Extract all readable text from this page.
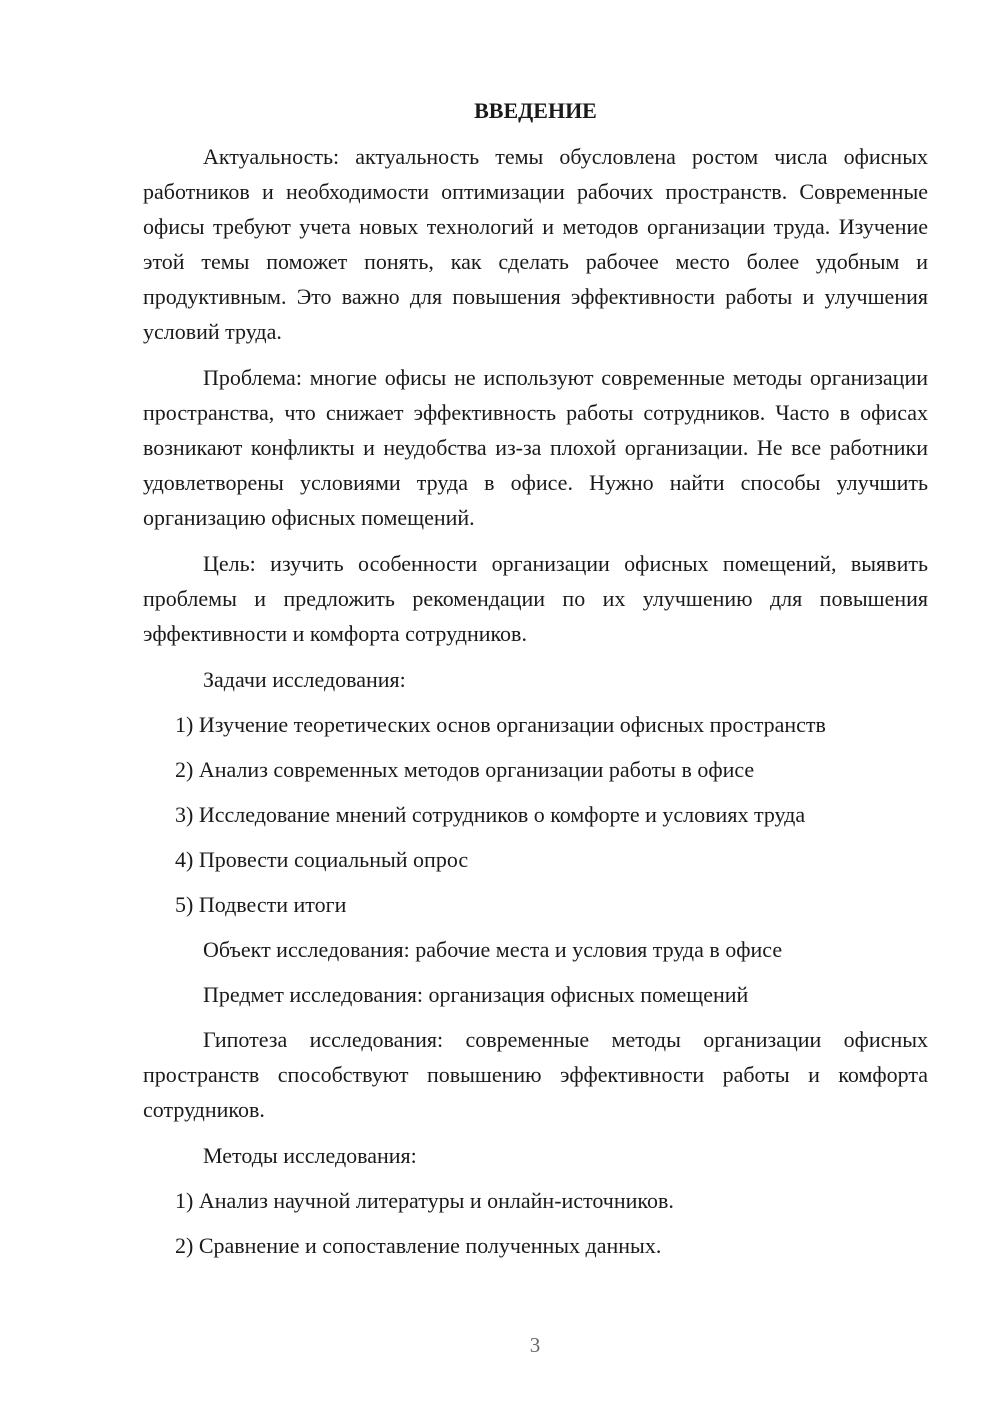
ВВЕДЕНИЕ

Актуальность: актуальность темы обусловлена ростом числа офисных работников и необходимости оптимизации рабочих пространств. Современные офисы требуют учета новых технологий и методов организации труда. Изучение этой темы поможет понять, как сделать рабочее место более удобным и продуктивным. Это важно для повышения эффективности работы и улучшения условий труда.

Проблема: многие офисы не используют современные методы организации пространства, что снижает эффективность работы сотрудников. Часто в офисах возникают конфликты и неудобства из-за плохой организации. Не все работники удовлетворены условиями труда в офисе. Нужно найти способы улучшить организацию офисных помещений.

Цель: изучить особенности организации офисных помещений, выявить проблемы и предложить рекомендации по их улучшению для повышения эффективности и комфорта сотрудников.

Задачи исследования:
1) Изучение теоретических основ организации офисных пространств
2) Анализ современных методов организации работы в офисе
3) Исследование мнений сотрудников о комфорте и условиях труда
4) Провести социальный опрос
5) Подвести итоги
Объект исследования: рабочие места и условия труда в офисе
Предмет исследования: организация офисных помещений

Гипотеза исследования: современные методы организации офисных пространств способствуют повышению эффективности работы и комфорта сотрудников.

Методы исследования:
1) Анализ научной литературы и онлайн-источников.
2) Сравнение и сопоставление полученных данных.
3
